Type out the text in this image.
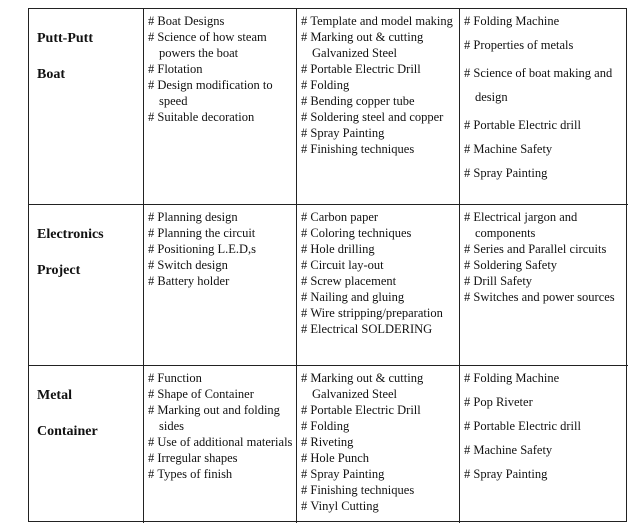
Putt-Putt
Boat
# Boat Designs
# Science of how steam powers the boat
# Flotation
# Design modification to speed
# Suitable decoration
# Template and model making
# Marking out & cutting Galvanized Steel
# Portable Electric Drill
# Folding
# Bending copper tube
# Soldering steel and copper
# Spray Painting
# Finishing techniques
# Folding Machine
# Properties of metals
# Science of boat making and design
# Portable Electric drill
# Machine Safety
# Spray Painting
Electronics
Project
# Planning design
# Planning the circuit
# Positioning L.E.D,s
# Switch design
# Battery holder
# Carbon paper
# Coloring techniques
# Hole drilling
# Circuit lay-out
# Screw placement
# Nailing and gluing
# Wire stripping/preparation
# Electrical SOLDERING
# Electrical jargon and components
# Series and Parallel circuits
# Soldering Safety
# Drill Safety
# Switches and power sources
Metal
Container
# Function
# Shape of Container
# Marking out and folding sides
# Use of additional materials
# Irregular shapes
# Types of finish
# Marking out & cutting Galvanized Steel
# Portable Electric Drill
# Folding
# Riveting
# Hole Punch
# Spray Painting
# Finishing techniques
# Vinyl Cutting
# Folding Machine
# Pop Riveter
# Portable Electric drill
# Machine Safety
# Spray Painting
